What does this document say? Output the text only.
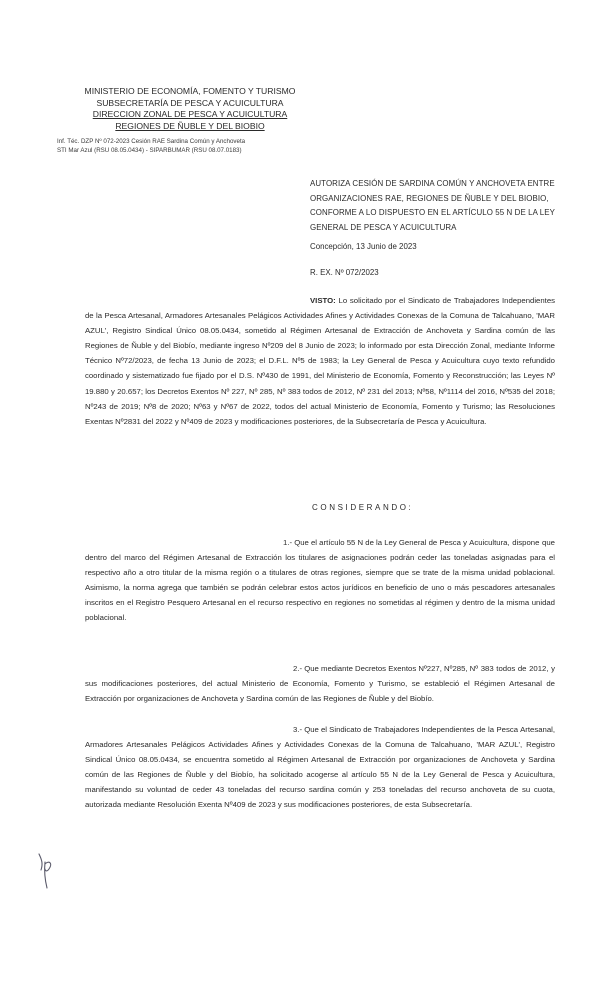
MINISTERIO DE ECONOMÍA, FOMENTO Y TURISMO
SUBSECRETARÍA DE PESCA Y ACUICULTURA
DIRECCION ZONAL DE PESCA Y ACUICULTURA
REGIONES DE ÑUBLE Y DEL BIOBIO
Inf. Téc. DZP Nº 072-2023 Cesión RAE Sardina Común y Anchoveta
STI Mar Azul (RSU 08.05.0434) - SIPARBUMAR (RSU 08.07.0183)
AUTORIZA CESIÓN DE SARDINA COMÚN Y ANCHOVETA ENTRE ORGANIZACIONES RAE, REGIONES DE ÑUBLE Y DEL BIOBIO, CONFORME A LO DISPUESTO EN EL ARTÍCULO 55 N DE LA LEY GENERAL DE PESCA Y ACUICULTURA
Concepción, 13 Junio de 2023
R. EX. Nº 072/2023

VISTO: Lo solicitado por el Sindicato de Trabajadores Independientes de la Pesca Artesanal, Armadores Artesanales Pelágicos Actividades Afines y Actividades Conexas de la Comuna de Talcahuano, 'MAR AZUL', Registro Sindical Único 08.05.0434, sometido al Régimen Artesanal de Extracción de Anchoveta y Sardina común de las Regiones de Ñuble y del Biobío, mediante ingreso Nº209 del 8 Junio de 2023; lo informado por esta Dirección Zonal, mediante Informe Técnico Nº72/2023, de fecha 13 Junio de 2023; el D.F.L. Nº5 de 1983; la Ley General de Pesca y Acuicultura cuyo texto refundido coordinado y sistematizado fue fijado por el D.S. Nº430 de 1991, del Ministerio de Economía, Fomento y Reconstrucción; las Leyes Nº 19.880 y 20.657; los Decretos Exentos Nº 227, Nº 285, Nº 383 todos de 2012, Nº 231 del 2013; Nº58, Nº1114 del 2016, Nº535 del 2018; Nº243 de 2019; Nº8 de 2020; Nº63 y Nº67 de 2022, todos del actual Ministerio de Economía, Fomento y Turismo; las Resoluciones Exentas Nº2831 del 2022 y Nº409 de 2023 y modificaciones posteriores, de la Subsecretaría de Pesca y Acuicultura.

CONSIDERANDO:

1.- Que el artículo 55 N de la Ley General de Pesca y Acuicultura, dispone que dentro del marco del Régimen Artesanal de Extracción los titulares de asignaciones podrán ceder las toneladas asignadas para el respectivo año a otro titular de la misma región o a titulares de otras regiones, siempre que se trate de la misma unidad poblacional. Asimismo, la norma agrega que también se podrán celebrar estos actos jurídicos en beneficio de uno o más pescadores artesanales inscritos en el Registro Pesquero Artesanal en el recurso respectivo en regiones no sometidas al régimen y dentro de la misma unidad poblacional.

2.- Que mediante Decretos Exentos Nº227, Nº285, Nº 383 todos de 2012, y sus modificaciones posteriores, del actual Ministerio de Economía, Fomento y Turismo, se estableció el Régimen Artesanal de Extracción por organizaciones de Anchoveta y Sardina común de las Regiones de Ñuble y del Biobío.

3.- Que el Sindicato de Trabajadores Independientes de la Pesca Artesanal, Armadores Artesanales Pelágicos Actividades Afines y Actividades Conexas de la Comuna de Talcahuano, 'MAR AZUL', Registro Sindical Único 08.05.0434, se encuentra sometido al Régimen Artesanal de Extracción por organizaciones de Anchoveta y Sardina común de las Regiones de Ñuble y del Biobío, ha solicitado acogerse al artículo 55 N de la Ley General de Pesca y Acuicultura, manifestando su voluntad de ceder 43 toneladas del recurso sardina común y 253 toneladas del recurso anchoveta de su cuota, autorizada mediante Resolución Exenta Nº409 de 2023 y sus modificaciones posteriores, de esta Subsecretaría.
